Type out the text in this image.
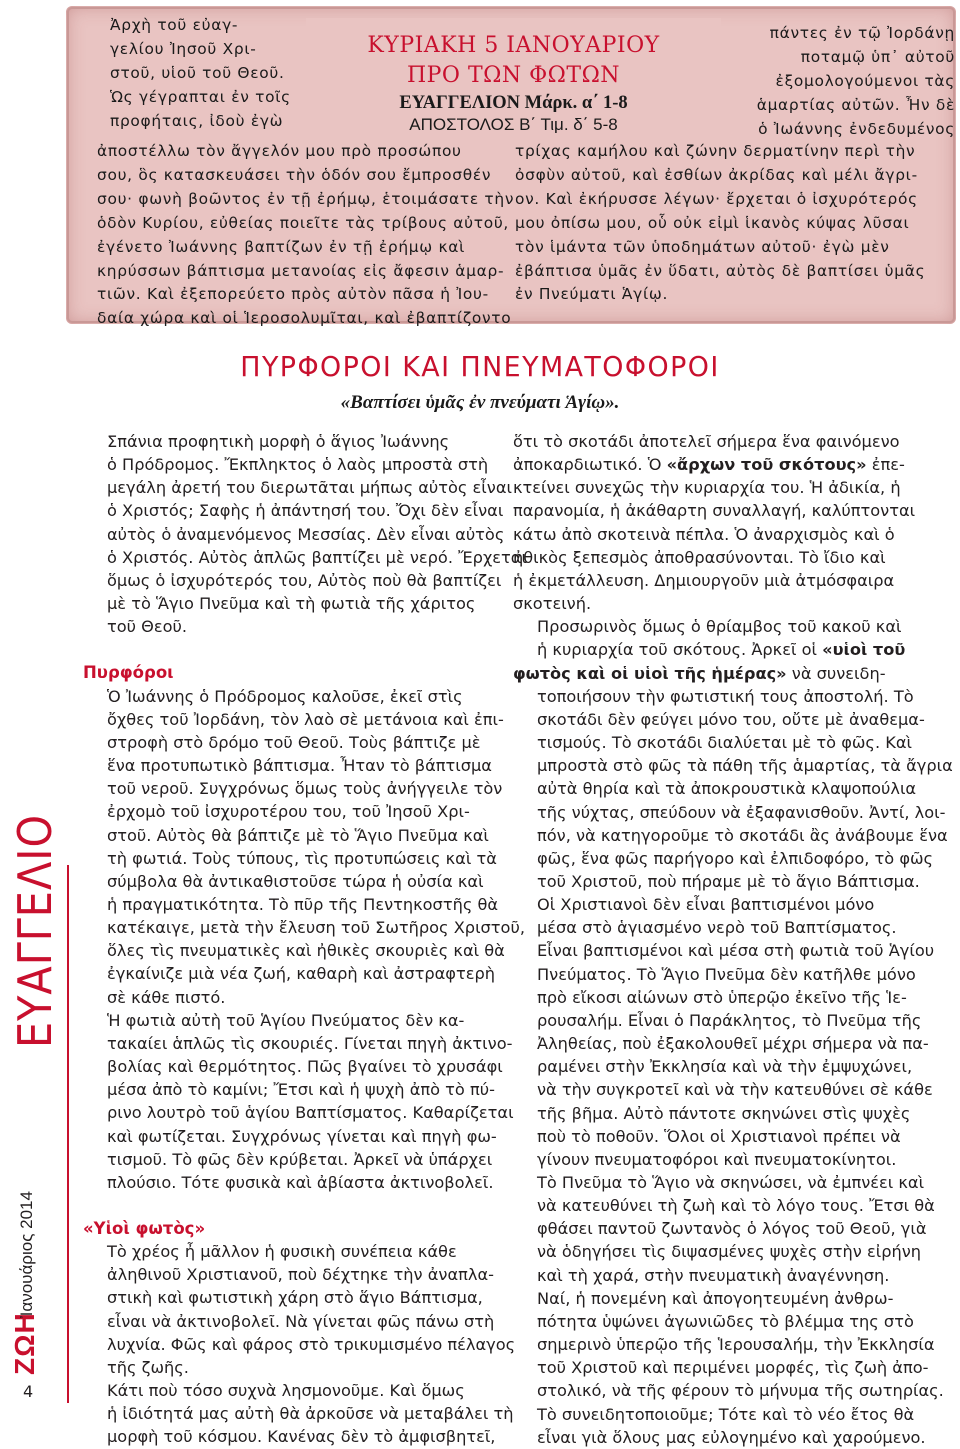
Ἀρχὴ τοῦ εὐαγ-
γελίου Ἰησοῦ Χρι-
στοῦ, υἱοῦ τοῦ Θεοῦ.
Ὡς γέγραπται ἐν τοῖς
προφήταις, ἰδοὺ ἐγὼ
ἀποστέλλω τὸν ἄγγελόν μου πρὸ προσώπου
σου, ὃς κατασκευάσει τὴν ὁδόν σου ἔμπροσθέν
σου· φωνὴ βοῶντος ἐν τῇ ἐρήμῳ, ἑτοιμάσατε τὴν
ὁδὸν Κυρίου, εὐθείας ποιεῖτε τὰς τρίβους αὐτοῦ,
ἐγένετο Ἰωάννης βαπτίζων ἐν τῇ ἐρήμῳ καὶ
κηρύσσων βάπτισμα μετανοίας εἰς ἄφεσιν ἁμαρ-
τιῶν. Καὶ ἐξεπορεύετο πρὸς αὐτὸν πᾶσα ἡ Ἰου-
δαία χώρα καὶ οἱ Ἱεροσολυμῖται, καὶ ἐβαπτίζοντο
πάντες ἐν τῷ Ἰορδάνῃ
ποταμῷ ὑπ᾽ αὐτοῦ
ἐξομολογούμενοι τὰς
ἁμαρτίας αὐτῶν. Ἦν δὲ
ὁ Ἰωάννης ἐνδεδυμένος
τρίχας καμήλου καὶ ζώνην δερματίνην περὶ τὴν
ὀσφὺν αὐτοῦ, καὶ ἐσθίων ἀκρίδας καὶ μέλι ἄγρι-
ον. Καὶ ἐκήρυσσε λέγων· ἔρχεται ὁ ἰσχυρότερός
μου ὀπίσω μου, οὗ οὐκ εἰμὶ ἱκανὸς κύψας λῦσαι
τὸν ἱμάντα τῶν ὑποδημάτων αὐτοῦ· ἐγὼ μὲν
ἐβάπτισα ὑμᾶς ἐν ὕδατι, αὐτὸς δὲ βαπτίσει ὑμᾶς
ἐν Πνεύματι Ἁγίῳ.
ΚΥΡΙΑΚΗ 5 ΙΑΝΟΥΑΡΙΟΥ
ΠΡΟ ΤΩΝ ΦΩΤΩΝ
ΕΥΑΓΓΕΛΙΟΝ Μάρκ. α΄ 1-8
ΑΠΟΣΤΟΛΟΣ Β΄ Τιμ. δ΄ 5-8
ΠΥΡΦΟΡΟΙ ΚΑΙ ΠΝΕΥΜΑΤΟΦΟΡΟΙ
«Βαπτίσει ὑμᾶς ἐν πνεύματι Ἁγίῳ».

Σπάνια προφητικὴ μορφὴ ὁ ἅγιος Ἰωάννης
ὁ Πρόδρομος. Ἔκπληκτος ὁ λαὸς μπροστὰ στὴ
μεγάλη ἀρετή του διερωτᾶται μήπως αὐτὸς εἶναι
ὁ Χριστός; Σαφὴς ἡ ἀπάντησή του. Ὄχι δὲν εἶναι
αὐτὸς ὁ ἀναμενόμενος Μεσσίας. Δὲν εἶναι αὐτὸς
ὁ Χριστός. Αὐτὸς ἁπλῶς βαπτίζει μὲ νερό. Ἔρχεται
ὅμως ὁ ἰσχυρότερός του, Αὐτὸς ποὺ θὰ βαπτίζει
μὲ τὸ Ἅγιο Πνεῦμα καὶ τὴ φωτιὰ τῆς χάριτος
τοῦ Θεοῦ.

Πυρφόροι

Ὁ Ἰωάννης ὁ Πρόδρομος καλοῦσε, ἐκεῖ στὶς
ὄχθες τοῦ Ἰορδάνη, τὸν λαὸ σὲ μετάνοια καὶ ἐπι-
στροφὴ στὸ δρόμο τοῦ Θεοῦ. Τοὺς βάπτιζε μὲ
ἕνα προτυπωτικὸ βάπτισμα. Ἦταν τὸ βάπτισμα
τοῦ νεροῦ. Συγχρόνως ὅμως τοὺς ἀνήγγειλε τὸν
ἐρχομὸ τοῦ ἰσχυροτέρου του, τοῦ Ἰησοῦ Χρι-
στοῦ. Αὐτὸς θὰ βάπτιζε μὲ τὸ Ἅγιο Πνεῦμα καὶ
τὴ φωτιά. Τοὺς τύπους, τὶς προτυπώσεις καὶ τὰ
σύμβολα θὰ ἀντικαθιστοῦσε τώρα ἡ οὐσία καὶ
ἡ πραγματικότητα. Τὸ πῦρ τῆς Πεντηκοστῆς θὰ
κατέκαιγε, μετὰ τὴν ἔλευση τοῦ Σωτῆρος Χριστοῦ,
ὅλες τὶς πνευματικὲς καὶ ἠθικὲς σκουριὲς καὶ θὰ
ἐγκαίνιζε μιὰ νέα ζωή, καθαρὴ καὶ ἀστραφτερὴ
σὲ κάθε πιστό.

Ἡ φωτιὰ αὐτὴ τοῦ Ἁγίου Πνεύματος δὲν κα-
τακαίει ἁπλῶς τὶς σκουριές. Γίνεται πηγὴ ἀκτινο-
βολίας καὶ θερμότητος. Πῶς βγαίνει τὸ χρυσάφι
μέσα ἀπὸ τὸ καμίνι; Ἔτσι καὶ ἡ ψυχὴ ἀπὸ τὸ πύ-
ρινο λουτρὸ τοῦ ἁγίου Βαπτίσματος. Καθαρίζεται
καὶ φωτίζεται. Συγχρόνως γίνεται καὶ πηγὴ φω-
τισμοῦ. Τὸ φῶς δὲν κρύβεται. Ἀρκεῖ νὰ ὑπάρχει
πλούσιο. Τότε φυσικὰ καὶ ἀβίαστα ἀκτινοβολεῖ.

«Υἱοὶ φωτὸς»

Τὸ χρέος ἦ μᾶλλον ἡ φυσικὴ συνέπεια κάθε
ἀληθινοῦ Χριστιανοῦ, ποὺ δέχτηκε τὴν ἀναπλα-
στικὴ καὶ φωτιστικὴ χάρη στὸ ἅγιο Βάπτισμα,
εἶναι νὰ ἀκτινοβολεῖ. Νὰ γίνεται φῶς πάνω στὴ
λυχνία. Φῶς καὶ φάρος στὸ τρικυμισμένο πέλαγος
τῆς ζωῆς.

Κάτι ποὺ τόσο συχνὰ λησμονοῦμε. Καὶ ὅμως
ἡ ἰδιότητά μας αὐτὴ θὰ ἀρκοῦσε νὰ μεταβάλει τὴ
μορφὴ τοῦ κόσμου. Κανένας δὲν τὸ ἀμφισβητεῖ,

ὅτι τὸ σκοτάδι ἀποτελεῖ σήμερα ἕνα φαινόμενο
ἀποκαρδιωτικό. Ὁ «ἄρχων τοῦ σκότους» ἐπε-
κτείνει συνεχῶς τὴν κυριαρχία του. Ἡ ἀδικία, ἡ
παρανομία, ἡ ἀκάθαρτη συναλλαγή, καλύπτονται
κάτω ἀπὸ σκοτεινὰ πέπλα. Ὁ ἀναρχισμὸς καὶ ὁ
ἠθικὸς ξεπεσμὸς ἀποθρασύνονται. Τὸ ἴδιο καὶ
ἡ ἐκμετάλλευση. Δημιουργοῦν μιὰ ἀτμόσφαιρα
σκοτεινή.

Προσωρινὸς ὅμως ὁ θρίαμβος τοῦ κακοῦ καὶ
ἡ κυριαρχία τοῦ σκότους. Ἀρκεῖ οἱ «υἱοὶ τοῦ
φωτὸς καὶ οἱ υἱοὶ τῆς ἡμέρας» νὰ συνειδη-
τοποιήσουν τὴν φωτιστική τους ἀποστολή. Τὸ
σκοτάδι δὲν φεύγει μόνο του, οὔτε μὲ ἀναθεμα-
τισμούς. Τὸ σκοτάδι διαλύεται μὲ τὸ φῶς. Καὶ
μπροστὰ στὸ φῶς τὰ πάθη τῆς ἁμαρτίας, τὰ ἄγρια
αὐτὰ θηρία καὶ τὰ ἀποκρουστικὰ κλαψοπούλια
τῆς νύχτας, σπεύδουν νὰ ἐξαφανισθοῦν. Ἀντί, λοι-
πόν, νὰ κατηγοροῦμε τὸ σκοτάδι ἂς ἀνάβουμε ἕνα
φῶς, ἕνα φῶς παρήγορο καὶ ἐλπιδοφόρο, τὸ φῶς
τοῦ Χριστοῦ, ποὺ πήραμε μὲ τὸ ἅγιο Βάπτισμα.

Οἱ Χριστιανοὶ δὲν εἶναι βαπτισμένοι μόνο
μέσα στὸ ἁγιασμένο νερὸ τοῦ Βαπτίσματος.
Εἶναι βαπτισμένοι καὶ μέσα στὴ φωτιὰ τοῦ Ἁγίου
Πνεύματος. Τὸ Ἅγιο Πνεῦμα δὲν κατῆλθε μόνο
πρὸ εἴκοσι αἰώνων στὸ ὑπερῷο ἐκεῖνο τῆς Ἱε-
ρουσαλήμ. Εἶναι ὁ Παράκλητος, τὸ Πνεῦμα τῆς
Ἀληθείας, ποὺ ἐξακολουθεῖ μέχρι σήμερα νὰ πα-
ραμένει στὴν Ἐκκλησία καὶ νὰ τὴν ἐμψυχώνει,
νὰ τὴν συγκροτεῖ καὶ νὰ τὴν κατευθύνει σὲ κάθε
τῆς βῆμα. Αὐτὸ πάντοτε σκηνώνει στὶς ψυχὲς
ποὺ τὸ ποθοῦν. Ὅλοι οἱ Χριστιανοὶ πρέπει νὰ
γίνουν πνευματοφόροι καὶ πνευματοκίνητοι.
Τὸ Πνεῦμα τὸ Ἅγιο νὰ σκηνώσει, νὰ ἐμπνέει καὶ
νὰ κατευθύνει τὴ ζωὴ καὶ τὸ λόγο τους. Ἔτσι θὰ
φθάσει παντοῦ ζωντανὸς ὁ λόγος τοῦ Θεοῦ, γιὰ
νὰ ὁδηγήσει τὶς διψασμένες ψυχὲς στὴν εἰρήνη
καὶ τὴ χαρά, στὴν πνευματικὴ ἀναγέννηση.

Ναί, ἡ πονεμένη καὶ ἀπογοητευμένη ἀνθρω-
πότητα ὑψώνει ἀγωνιῶδες τὸ βλέμμα της στὸ
σημερινὸ ὑπερῷο τῆς Ἱερουσαλήμ, τὴν Ἐκκλησία
τοῦ Χριστοῦ καὶ περιμένει μορφές, τὶς ζωὴ ἀπο-
στολικό, νὰ τῆς φέρουν τὸ μήνυμα τῆς σωτηρίας.
Τὸ συνειδητοποιοῦμε; Τότε καὶ τὸ νέο ἔτος θὰ
εἶναι γιὰ ὅλους μας εὐλογημένο καὶ χαρούμενο.

ΕΥΑΓΓΕΛΙΟ
ΖΩΗ
Ἰανουάριος 2014
4
